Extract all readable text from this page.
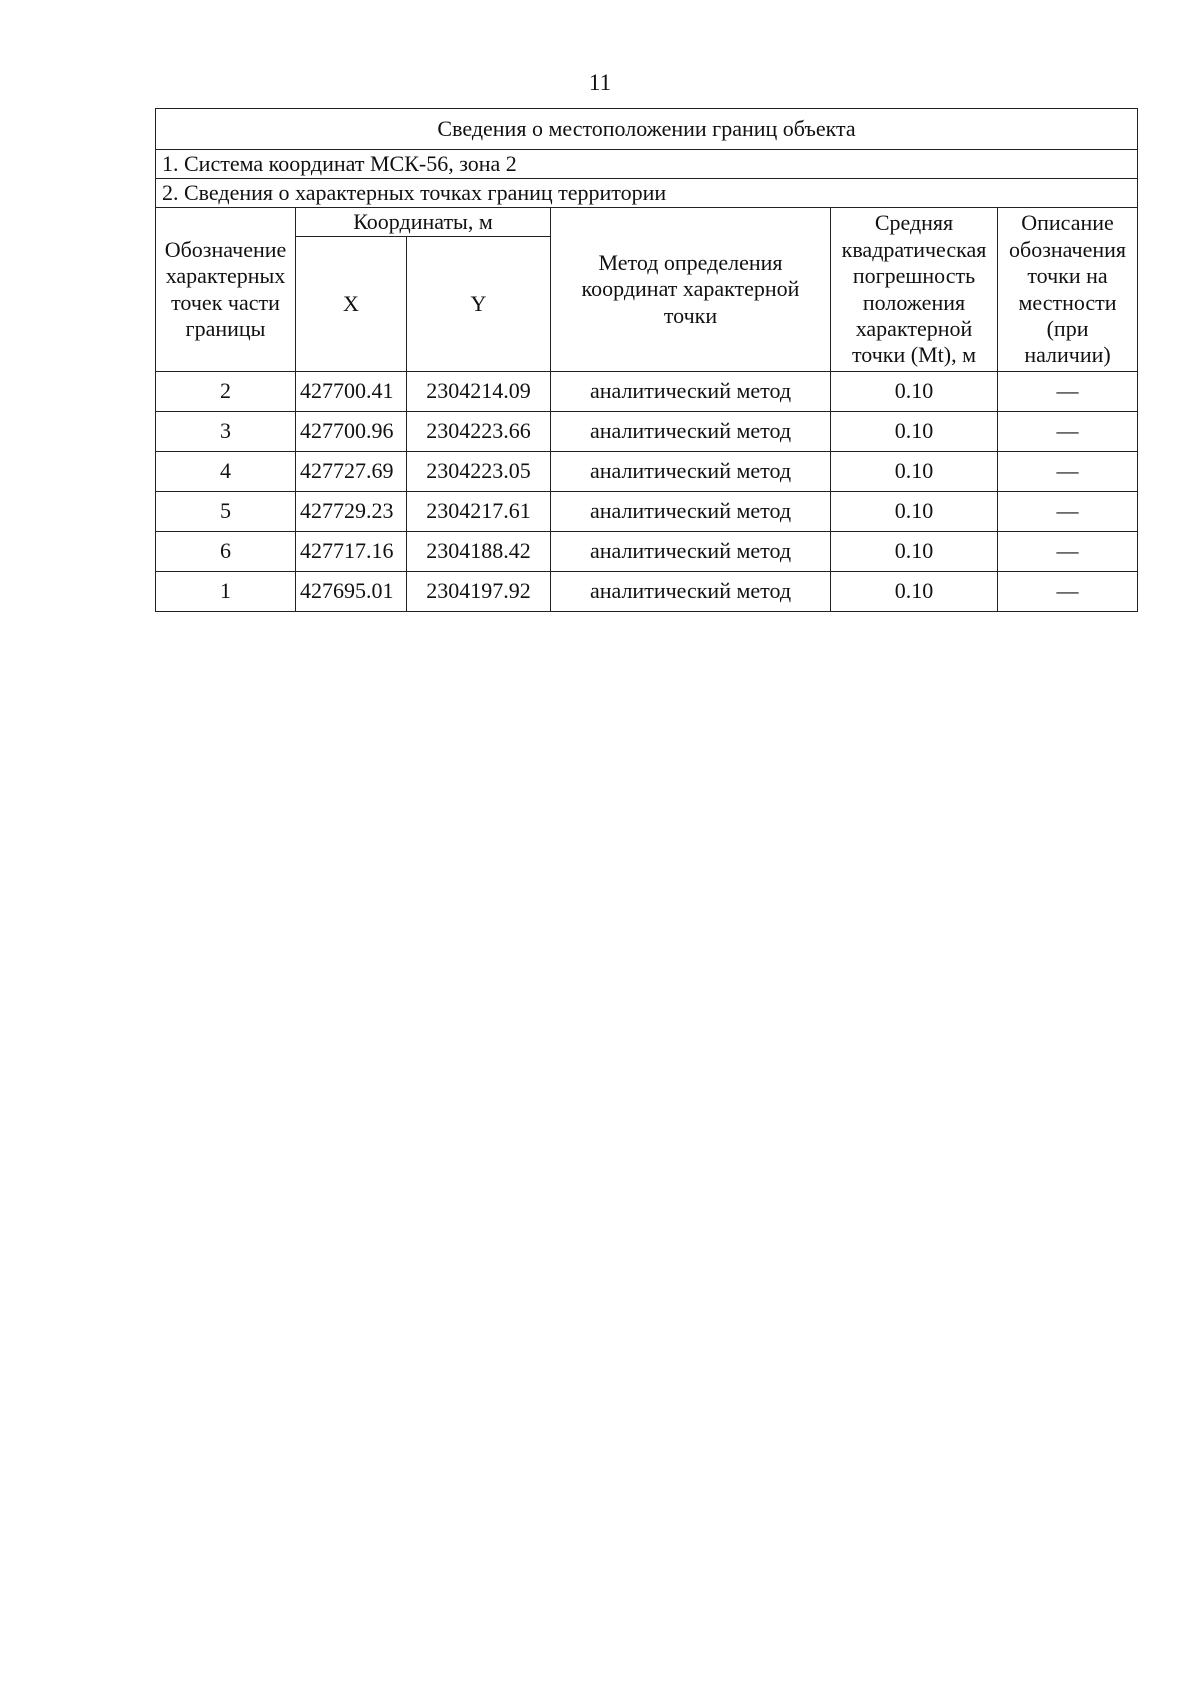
11
Сведения о местоположении границ объекта					
1. Система координат МСК-56, зона 2					
2. Сведения о характерных точках границ территории					
Обозначение характерных точек части границы	Координаты, м		Метод определения координат характерной точки	Средняя квадратическая погрешность положения характерной точки (Mt), м	Описание обозначения точки на местности (при наличии)
	X	Y			
2	427700.41	2304214.09	аналитический метод	0.10	—
3	427700.96	2304223.66	аналитический метод	0.10	—
4	427727.69	2304223.05	аналитический метод	0.10	—
5	427729.23	2304217.61	аналитический метод	0.10	—
6	427717.16	2304188.42	аналитический метод	0.10	—
1	427695.01	2304197.92	аналитический метод	0.10	—
